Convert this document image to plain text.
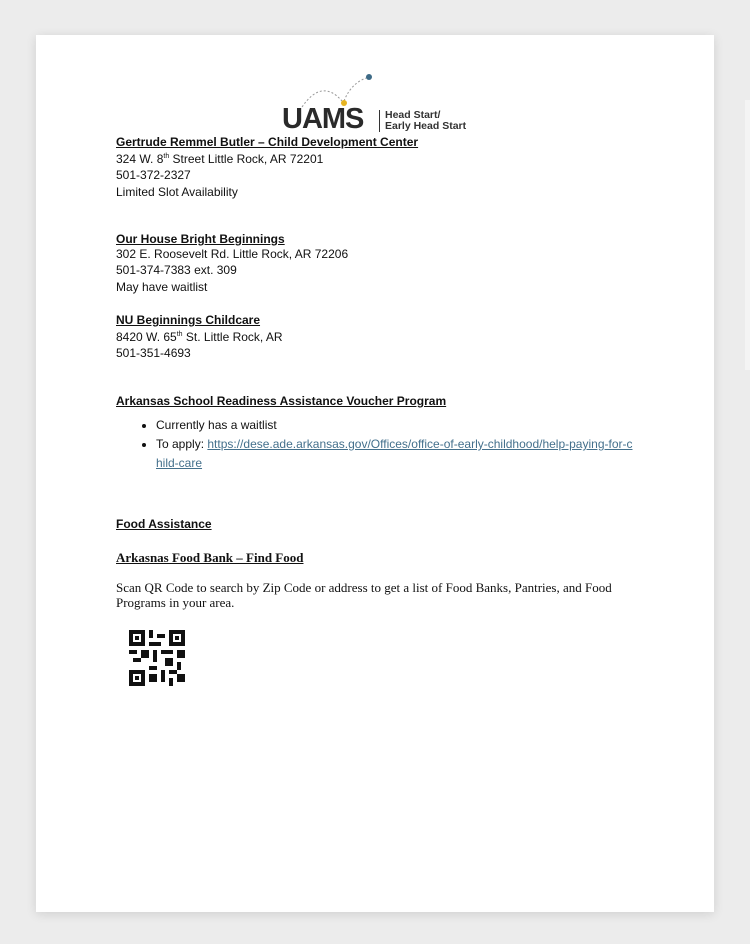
UAMS	Head Start/
Early Head Start
Gertrude Remmel Butler – Child Development Center
324 W. 8th Street Little Rock, AR 72201
501-372-2327
Limited Slot Availability
Our House Bright Beginnings
302 E. Roosevelt Rd. Little Rock, AR 72206
501-374-7383 ext. 309
May have waitlist
NU Beginnings Childcare
8420 W. 65th St. Little Rock, AR
501-351-4693
Arkansas School Readiness Assistance Voucher Program
• Currently has a waitlist
• To apply: https://dese.ade.arkansas.gov/Offices/office-of-early-childhood/help-paying-for-child-care
Food Assistance
Arkasnas Food Bank – Find Food
Scan QR Code to search by Zip Code or address to get a list of Food Banks, Pantries, and Food Programs in your area.
